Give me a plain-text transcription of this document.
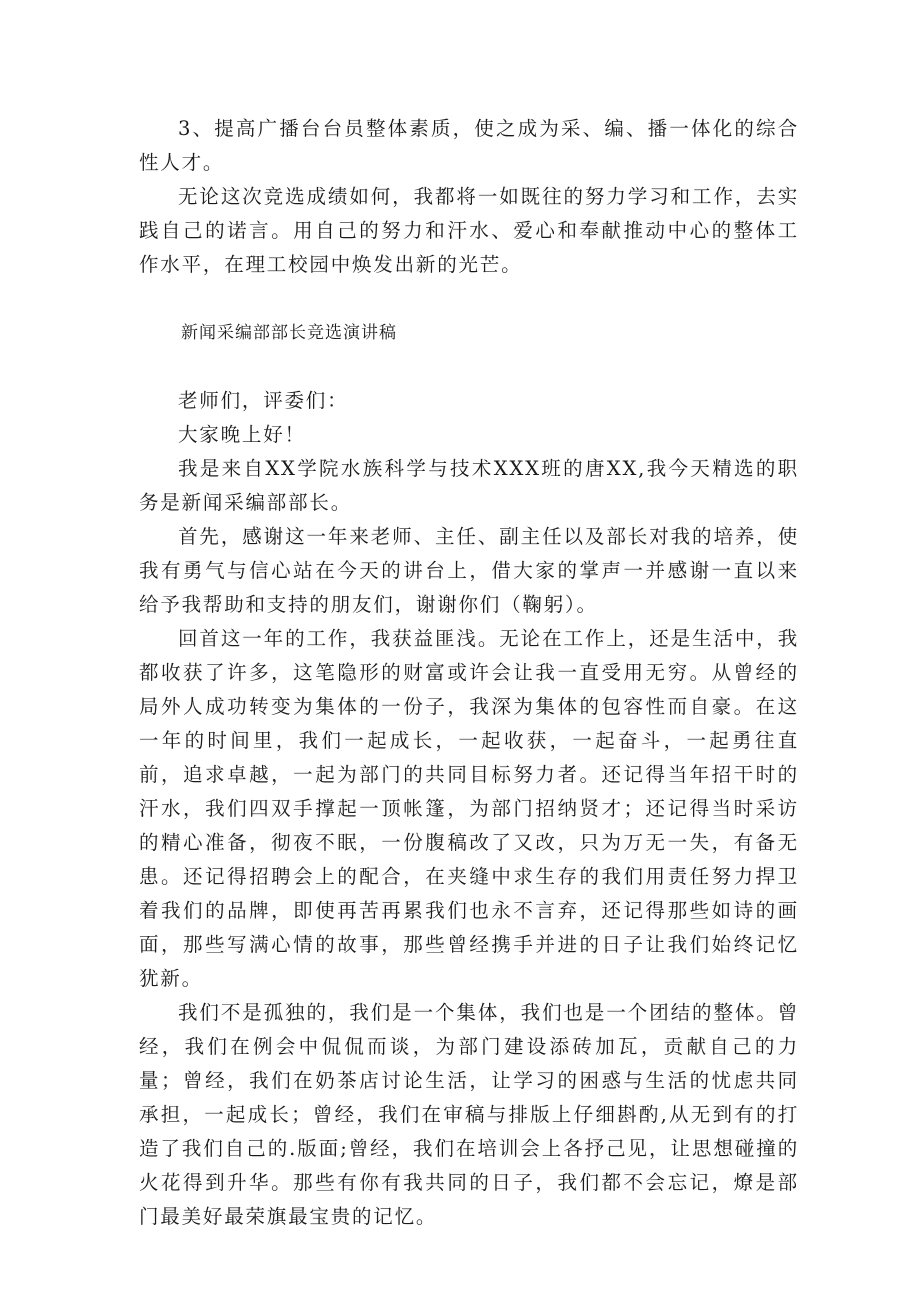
3、提高广播台台员整体素质，使之成为采、编、播一体化的综合性人才。

无论这次竞选成绩如何，我都将一如既往的努力学习和工作，去实践自己的诺言。用自己的努力和汗水、爱心和奉献推动中心的整体工作水平，在理工校园中焕发出新的光芒。

新闻采编部部长竞选演讲稿

老师们，评委们：

大家晚上好！

我是来自XX学院水族科学与技术XXX班的唐XX,我今天精选的职务是新闻采编部部长。

首先，感谢这一年来老师、主任、副主任以及部长对我的培养，使我有勇气与信心站在今天的讲台上，借大家的掌声一并感谢一直以来给予我帮助和支持的朋友们，谢谢你们（鞠躬）。

回首这一年的工作，我获益匪浅。无论在工作上，还是生活中，我都收获了许多，这笔隐形的财富或许会让我一直受用无穷。从曾经的局外人成功转变为集体的一份子，我深为集体的包容性而自豪。在这一年的时间里，我们一起成长，一起收获，一起奋斗，一起勇往直前，追求卓越，一起为部门的共同目标努力者。还记得当年招干时的汗水，我们四双手撑起一顶帐篷，为部门招纳贤才；还记得当时采访的精心准备，彻夜不眠，一份腹稿改了又改，只为万无一失，有备无患。还记得招聘会上的配合，在夹缝中求生存的我们用责任努力捍卫着我们的品牌，即使再苦再累我们也永不言弃，还记得那些如诗的画面，那些写满心情的故事，那些曾经携手并进的日子让我们始终记忆犹新。

我们不是孤独的，我们是一个集体，我们也是一个团结的整体。曾经，我们在例会中侃侃而谈，为部门建设添砖加瓦，贡献自己的力量；曾经，我们在奶茶店讨论生活，让学习的困惑与生活的忧虑共同承担，一起成长；曾经，我们在审稿与排版上仔细斟酌,从无到有的打造了我们自己的.版面;曾经，我们在培训会上各抒己见，让思想碰撞的火花得到升华。那些有你有我共同的日子，我们都不会忘记，燎是部门最美好最荣旗最宝贵的记忆。
